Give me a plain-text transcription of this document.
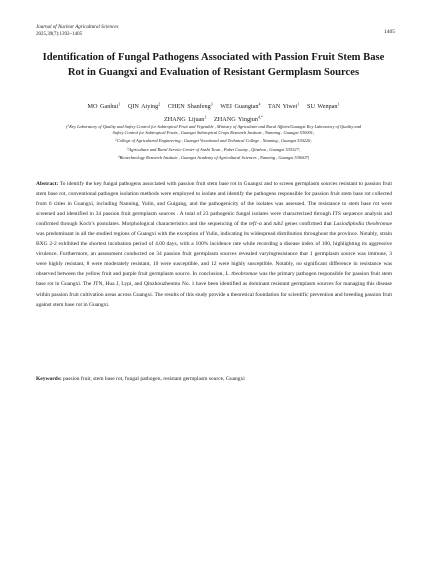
Journal of Nuclear Agricultural Sciences
2025,39(7):1392~1405	1405
Identification of Fungal Pathogens Associated with Passion Fruit Stem Base Rot in Guangxi and Evaluation of Resistant Germplasm Sources
MO Ganhui$^1$ QIN Aiying$^2$ CHEN Shanfeng$^3$ WEI Guangtan$^4$ TAN Yiwei$^1$ SU Wenpan$^1$
ZHANG Lijuan$^1$ ZHANG Yingjun$^{4,*}$
($^1$Key Laboratory of Quality and Safety Control for Subtropical Fruit and Vegetable , Ministry of Agriculture and Rural Affairs/Guangxi Key Laboratory of Quality and Safety Control for Subtropical Fruits , Guangxi Subtropical Crops Research Institute , Nanning , Guangxi 530001;
$^2$College of Agricultural Engineering , Guangxi Vocational and Technical College , Nanning , Guangxi 530226;
$^3$Agriculture and Rural Service Center of Anshi Town , Pubei County , Qinzhou , Guangxi 535327;
$^4$Biotechnology Research Institute , Guangxi Academy of Agricultural Sciences , Nanning , Guangxi 530007)
Abstract: To identify the key fungal pathogens associated with passion fruit stem base rot in Guangxi and to screen germplasm sources resistant to passion fruit stem base rot, conventional pathogen isolation methods were employed to isolate and identify the pathogens responsible for passion fruit stem base rot collected from 6 cities in Guangxi, including Nanning, Yulin, and Guigang, and the pathogenicity of the isolates was assessed. The resistance to stem base rot were screened and identified in 34 passion fruit germplasm sources . A total of 23 pathogenic fungal isolates were characterized through ITS sequence analysis and confirmed through Koch’s postulates. Morphological characteristics and the sequencing of the tef1-α and tub2 genes confirmed that Lasiodiplodia theobromae was predominant in all the studied regions of Guangxi with the exception of Yulin, indicating its widespread distribution throughout the province. Notably, strain BXG 2-2 exhibited the shortest incubation period of 4.00 days, with a 100% incidence rate while recording a disease index of 100, highlighting its aggressive virulence. Furthermore, an assessment conducted on 34 passion fruit germplasm sources revealed varyingresistance that 1 germplasm source was immune, 3 were highly resistant, 8 were moderately resistant, 10 were susceptible, and 12 were highly susceptible. Notably, no significant difference in resistance was observed between the yellow fruit and purple fruit germplasm source. In conclusion, L. theobromae was the primary pathogen responsible for passion fruit stem base rot in Guangxi. The JTN, Hua J, Lypi, and Qinzhouzhenmu No. 1 have been identified as dominant resistant germplasm sources for managing this disease within passion fruit cultivation areas across Guangxi. The results of this study provide a theoretical foundation for scientific prevention and breeding passion fruit against stem base rot in Guangxi.
Keywords: passion fruit, stem base rot, fungal pathogen, resistant germplasm source, Guangxi
